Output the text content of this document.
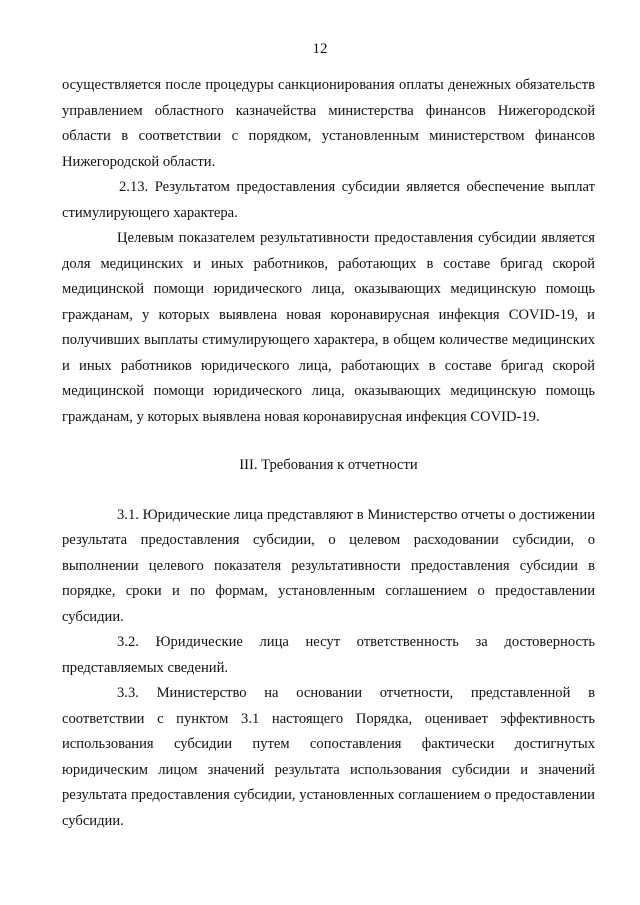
12

осуществляется после процедуры санкционирования оплаты денежных обязательств управлением областного казначейства министерства финансов Нижегородской области в соответствии с порядком, установленным министерством финансов Нижегородской области.

2.13. Результатом предоставления субсидии является обеспечение выплат стимулирующего характера.

Целевым показателем результативности предоставления субсидии является доля медицинских и иных работников, работающих в составе бригад скорой медицинской помощи юридического лица, оказывающих медицинскую помощь гражданам, у которых выявлена новая коронавирусная инфекция COVID-19, и получивших выплаты стимулирующего характера, в общем количестве медицинских и иных работников юридического лица, работающих в составе бригад скорой медицинской помощи юридического лица, оказывающих медицинскую помощь гражданам, у которых выявлена новая коронавирусная инфекция COVID-19.

III. Требования к отчетности

3.1. Юридические лица представляют в Министерство отчеты о достижении результата предоставления субсидии, о целевом расходовании субсидии, о выполнении целевого показателя результативности предоставления субсидии в порядке, сроки и по формам, установленным соглашением о предоставлении субсидии.

3.2. Юридические лица несут ответственность за достоверность представляемых сведений.

3.3. Министерство на основании отчетности, представленной в соответствии с пунктом 3.1 настоящего Порядка, оценивает эффективность использования субсидии путем сопоставления фактически достигнутых юридическим лицом значений результата использования субсидии и значений результата предоставления субсидии, установленных соглашением о предоставлении субсидии.
